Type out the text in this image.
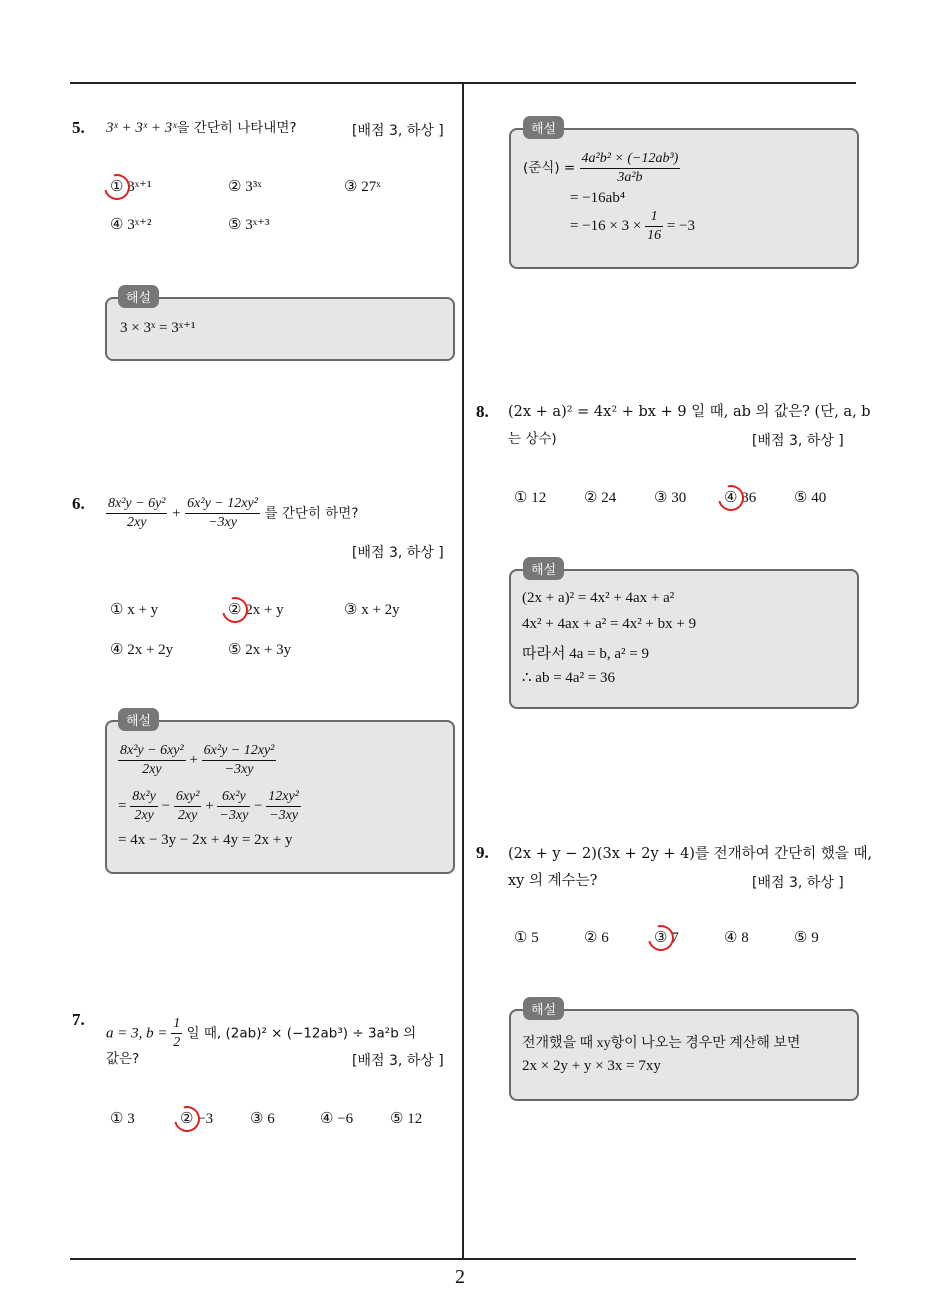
2
5. 3ˣ + 3ˣ + 3ˣ을 간단히 나타내면?	[배점 3, 하상 ]
① 3ˣ⁺¹	② 3³ˣ	③ 27ˣ
④ 3ˣ⁺²	⑤ 3ˣ⁺³
해설
3 × 3ˣ = 3ˣ⁺¹
6. $\frac{\text{8x²y − 6y²}}{2xy} + \frac{\text{6x²y − 12xy²}}{-3xy}$ 를 간단히 하면?
[배점 3, 하상 ]
① x + y	② 2x + y	③ x + 2y
④ 2x + 2y	⑤ 2x + 3y
해설
$\frac{\text{8x²y − 6xy²}}{2xy} + \frac{\text{6x²y − 12xy²}}{-3xy}$
= $\frac{\text{8x²y}}{2xy} - \frac{\text{6xy²}}{2xy} + \frac{\text{6x²y}}{-3xy} - \frac{\text{12xy²}}{-3xy}$
= 4x − 3y − 2x + 4y = 2x + y
7.
a = 3, $b = \frac{1}{2}$ 일 때, (2ab)² × (−12ab³) ÷ 3a²b 의
값은?	[배점 3, 하상 ]
① 3	② −3 ③ 6	④ −6 ⑤ 12
해설
(준식) = $\frac{\text{4a²b² × (−12ab³)}}{\text{3a²b}}$
= −16ab⁴
= $-16 \times 3 \times \frac{1}{16} = -3$
8. (2x + a)² = 4x² + bx + 9 일 때, ab 의 값은? (단, a, b
는 상수)	[배점 3, 하상 ]
① 12	② 24	③ 30	④ 36	⑤ 40
해설
(2x + a)² = 4x² + 4ax + a²
4x² + 4ax + a² = 4x² + bx + 9
따라서 4a = b, a² = 9
∴ ab = 4a² = 36
9. (2x + y − 2)(3x + 2y + 4)를 전개하여 간단히 했을 때,
xy 의 계수는?	[배점 3, 하상 ]
① 5	② 6	③ 7	④ 8	⑤ 9
해설
전개했을 때 xy항이 나오는 경우만 계산해 보면
2x × 2y + y × 3x = 7xy
